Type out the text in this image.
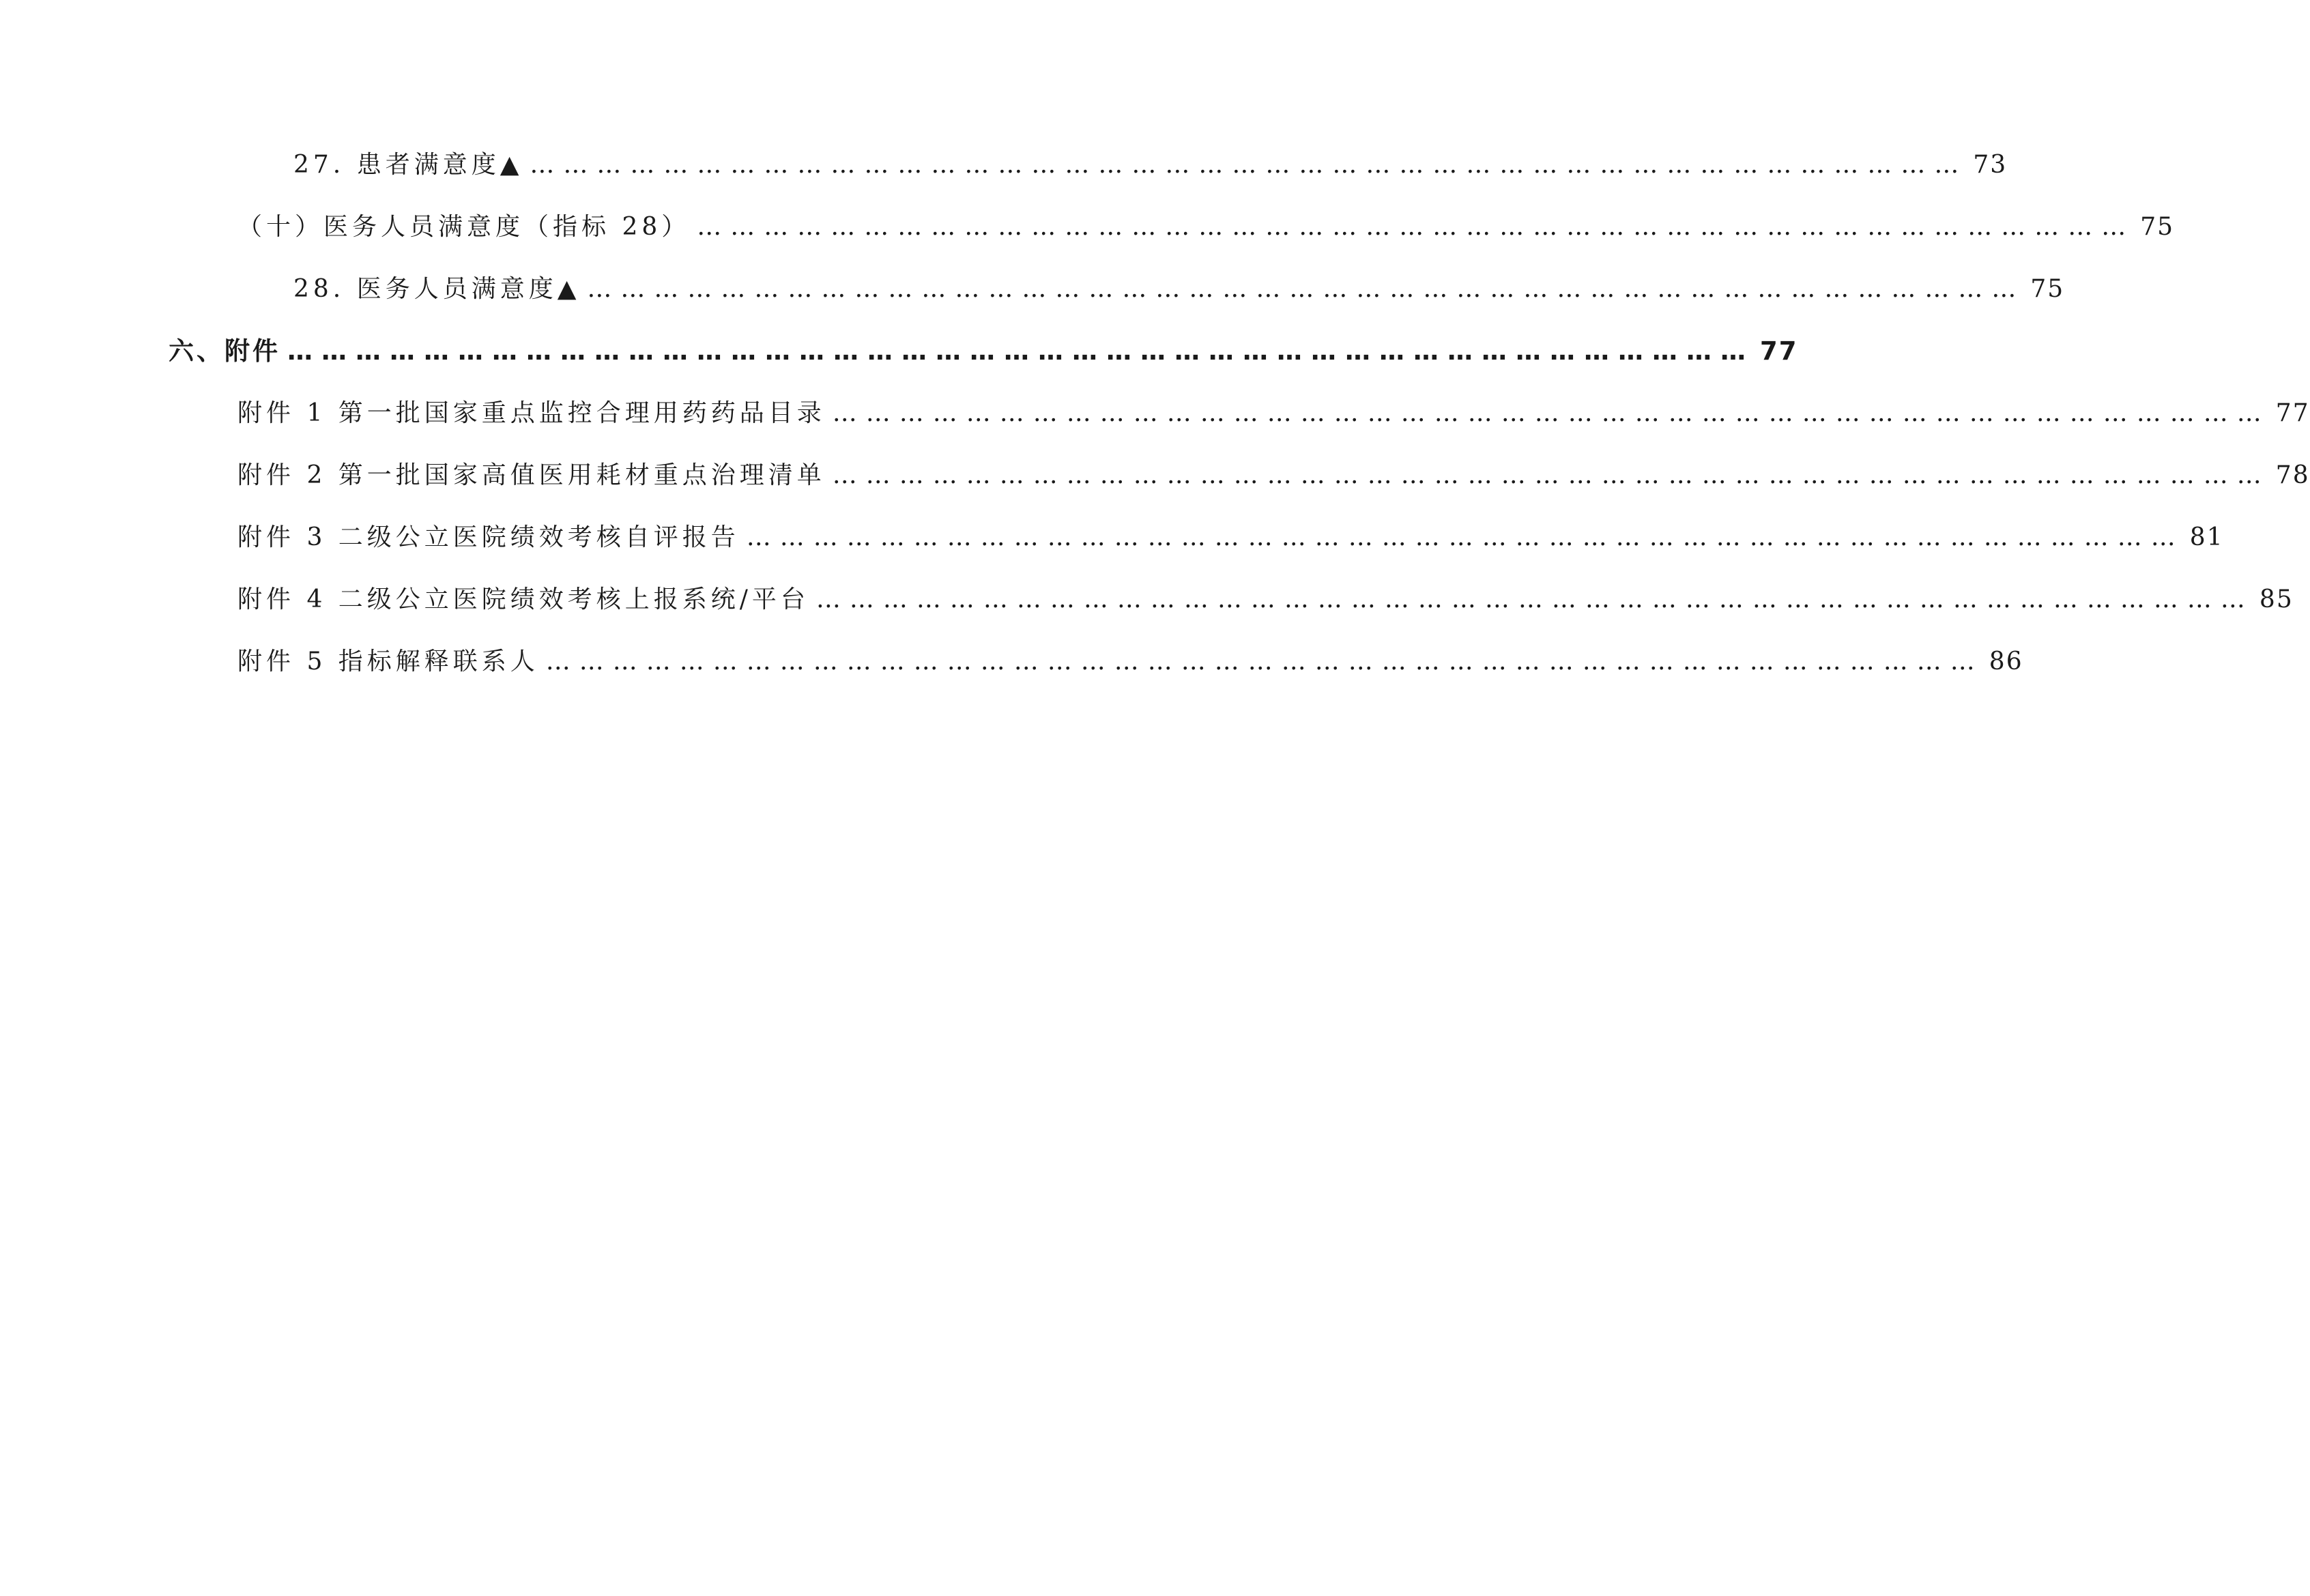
27. 患者满意度▲ ………………………………………………………………………………………………………………… 73
（十）医务人员满意度（指标 28） ………………………………………………………………………………………………………………… 75
28. 医务人员满意度▲ ………………………………………………………………………………………………………………… 75
六、附件 ………………………………………………………………………………………………………………… 77
附件 1 第一批国家重点监控合理用药药品目录 ………………………………………………………………………………………………………………… 77
附件 2 第一批国家高值医用耗材重点治理清单 ………………………………………………………………………………………………………………… 78
附件 3 二级公立医院绩效考核自评报告 ………………………………………………………………………………………………………………… 81
附件 4 二级公立医院绩效考核上报系统/平台 ………………………………………………………………………………………………………………… 85
附件 5 指标解释联系人 ………………………………………………………………………………………………………………… 86
